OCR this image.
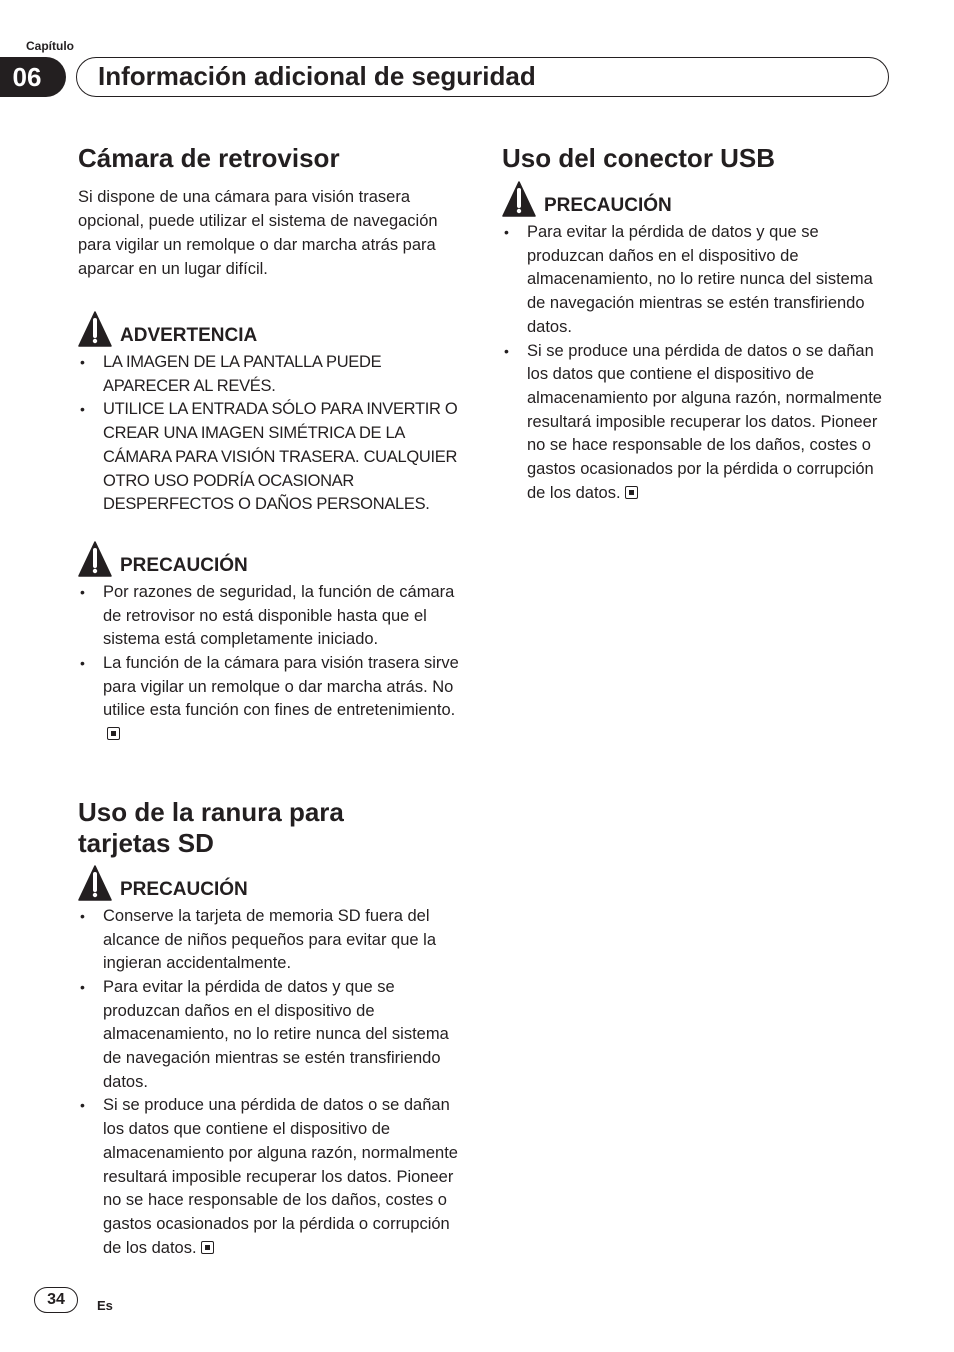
Capítulo
06	Información adicional de seguridad
Cámara de retrovisor

Si dispone de una cámara para visión trasera opcional, puede utilizar el sistema de navegación para vigilar un remolque o dar marcha atrás para aparcar en un lugar difícil.

ADVERTENCIA
• LA IMAGEN DE LA PANTALLA PUEDE APARECER AL REVÉS.
• UTILICE LA ENTRADA SÓLO PARA INVERTIR O CREAR UNA IMAGEN SIMÉTRICA DE LA CÁMARA PARA VISIÓN TRASERA. CUALQUIER OTRO USO PODRÍA OCASIONAR DESPERFECTOS O DAÑOS PERSONALES.
PRECAUCIÓN
• Por razones de seguridad, la función de cámara de retrovisor no está disponible hasta que el sistema está completamente iniciado.
• La función de la cámara para visión trasera sirve para vigilar un remolque o dar marcha atrás. No utilice esta función con fines de entretenimiento.
Uso de la ranura para
tarjetas SD
PRECAUCIÓN
• Conserve la tarjeta de memoria SD fuera del alcance de niños pequeños para evitar que la ingieran accidentalmente.
• Para evitar la pérdida de datos y que se produzcan daños en el dispositivo de almacenamiento, no lo retire nunca del sistema de navegación mientras se estén transfiriendo datos.
• Si se produce una pérdida de datos o se dañan los datos que contiene el dispositivo de almacenamiento por alguna razón, normalmente resultará imposible recuperar los datos. Pioneer no se hace responsable de los daños, costes o gastos ocasionados por la pérdida o corrupción de los datos.
Uso del conector USB
PRECAUCIÓN
• Para evitar la pérdida de datos y que se produzcan daños en el dispositivo de almacenamiento, no lo retire nunca del sistema de navegación mientras se estén transfiriendo datos.
• Si se produce una pérdida de datos o se dañan los datos que contiene el dispositivo de almacenamiento por alguna razón, normalmente resultará imposible recuperar los datos. Pioneer no se hace responsable de los daños, costes o gastos ocasionados por la pérdida o corrupción de los datos.
34	Es
